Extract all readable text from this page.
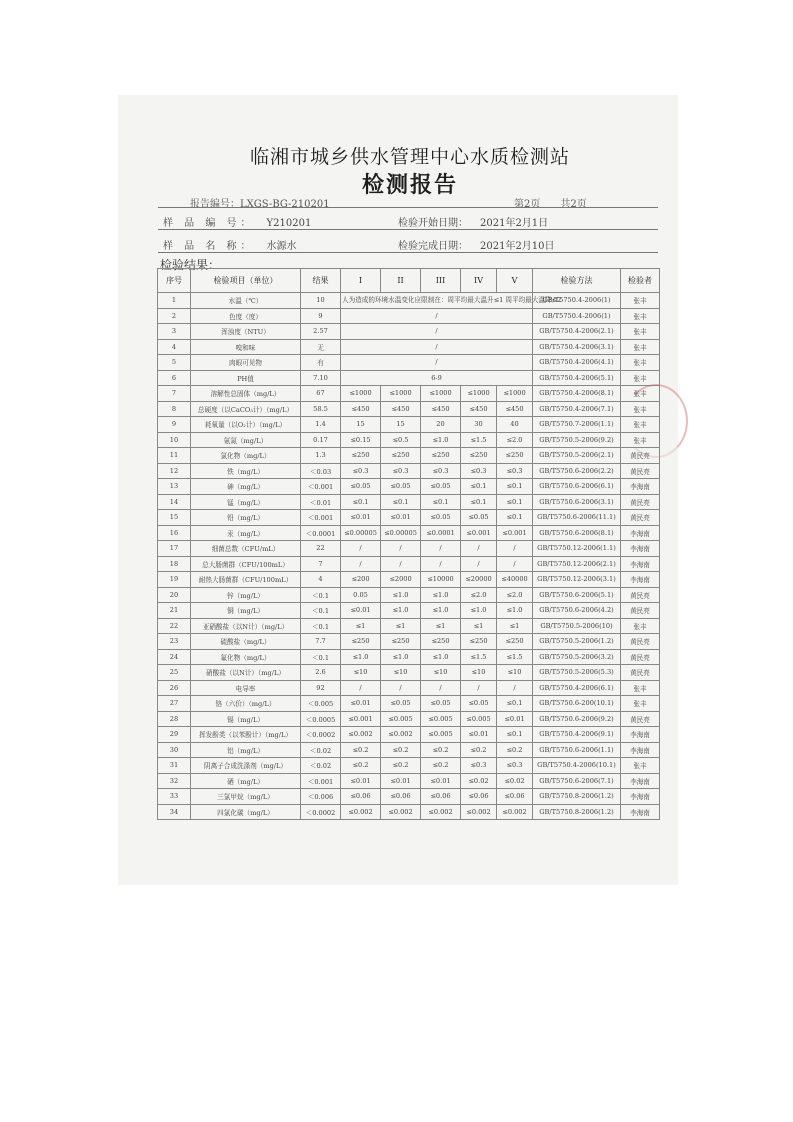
临湘市城乡供水管理中心水质检测站
检测报告
报告编号：LXGS-BG-210201	第2页　　共2页
样 品 编 号： Y210201	检验开始日期： 2021年2月1日
样 品 名 称： 水源水	检验完成日期： 2021年2月10日
检验结果：
序号	检验项目（单位）	结果	I	II	III	IV	V	检验方法	检验者
1	水温（℃）	10	人为造成的环境水温变化应限制在：周平均最大温升≤1 周平均最大温降≤2					GB/T5750.4-2006(1)	张丰
2	色度（度）	9	/					GB/T5750.4-2006(1)	张丰
3	浑浊度（NTU）	2.57	/					GB/T5750.4-2006(2.1)	张丰
4	嗅和味	无	/					GB/T5750.4-2006(3.1)	张丰
5	肉眼可见物	有	/					GB/T5750.4-2006(4.1)	张丰
6	PH值	7.10	6-9					GB/T5750.4-2006(5.1)	张丰
7	溶解性总固体（mg/L）	67	≤1000	≤1000	≤1000	≤1000	≤1000	GB/T5750.4-2006(8.1)	张丰
8	总硬度（以CaCO₃计）（mg/L）	58.5	≤450	≤450	≤450	≤450	≤450	GB/T5750.4-2006(7.1)	张丰
9	耗氧量（以O₂计）（mg/L）	1.4	15	15	20	30	40	GB/T5750.7-2006(1.1)	张丰
10	氨氮（mg/L）	0.17	≤0.15	≤0.5	≤1.0	≤1.5	≤2.0	GB/T5750.5-2006(9.2)	张丰
11	氯化物（mg/L）	1.3	≤250	≤250	≤250	≤250	≤250	GB/T5750.5-2006(2.1)	黄民亮
12	铁（mg/L）	＜0.03	≤0.3	≤0.3	≤0.3	≤0.3	≤0.3	GB/T5750.6-2006(2.2)	黄民亮
13	砷（mg/L）	＜0.001	≤0.05	≤0.05	≤0.05	≤0.1	≤0.1	GB/T5750.6-2006(6.1)	李海南
14	锰（mg/L）	＜0.01	≤0.1	≤0.1	≤0.1	≤0.1	≤0.1	GB/T5750.6-2006(3.1)	黄民亮
15	铅（mg/L）	＜0.001	≤0.01	≤0.01	≤0.05	≤0.05	≤0.1	GB/T5750.6-2006(11.1)	黄民亮
16	汞（mg/L）	＜0.0001	≤0.00005	≤0.00005	≤0.0001	≤0.001	≤0.001	GB/T5750.6-2006(8.1)	李海南
17	细菌总数（CFU/mL）	22	/	/	/	/	/	GB/T5750.12-2006(1.1)	李海南
18	总大肠菌群（CFU/100mL）	7	/	/	/	/	/	GB/T5750.12-2006(2.1)	李海南
19	耐热大肠菌群（CFU/100mL）	4	≤200	≤2000	≤10000	≤20000	≤40000	GB/T5750.12-2006(3.1)	李海南
20	锌（mg/L）	＜0.1	0.05	≤1.0	≤1.0	≤2.0	≤2.0	GB/T5750.6-2006(5.1)	黄民亮
21	铜（mg/L）	＜0.1	≤0.01	≤1.0	≤1.0	≤1.0	≤1.0	GB/T5750.6-2006(4.2)	黄民亮
22	亚硝酸盐（以N计）（mg/L）	＜0.1	≤1	≤1	≤1	≤1	≤1	GB/T5750.5-2006(10)	张丰
23	硫酸盐（mg/L）	7.7	≤250	≤250	≤250	≤250	≤250	GB/T5750.5-2006(1.2)	黄民亮
24	氟化物（mg/L）	＜0.1	≤1.0	≤1.0	≤1.0	≤1.5	≤1.5	GB/T5750.5-2006(3.2)	黄民亮
25	硝酸盐（以N计）（mg/L）	2.6	≤10	≤10	≤10	≤10	≤10	GB/T5750.5-2006(5.3)	黄民亮
26	电导率	92	/	/	/	/	/	GB/T5750.4-2006(6.1)	张丰
27	铬（六价）（mg/L）	＜0.005	≤0.01	≤0.05	≤0.05	≤0.05	≤0.1	GB/T5750.6-200(10.1)	张丰
28	镉（mg/L）	＜0.0005	≤0.001	≤0.005	≤0.005	≤0.005	≤0.01	GB/T5750.6-2006(9.2)	黄民亮
29	挥发酚类（以苯酚计）（mg/L）	＜0.0002	≤0.002	≤0.002	≤0.005	≤0.01	≤0.1	GB/T5750.4-2006(9.1)	李海南
30	铝（mg/L）	＜0.02	≤0.2	≤0.2	≤0.2	≤0.2	≤0.2	GB/T5750.6-2006(1.1)	李海南
31	阴离子合成洗涤剂（mg/L）	＜0.02	≤0.2	≤0.2	≤0.2	≤0.3	≤0.3	GB/T5750.4-2006(10.1)	张丰
32	硒（mg/L）	＜0.001	≤0.01	≤0.01	≤0.01	≤0.02	≤0.02	GB/T5750.6-2006(7.1)	李海南
33	三氯甲烷（mg/L）	＜0.006	≤0.06	≤0.06	≤0.06	≤0.06	≤0.06	GB/T5750.8-2006(1.2)	李海南
34	四氯化碳（mg/L）	＜0.0002	≤0.002	≤0.002	≤0.002	≤0.002	≤0.002	GB/T5750.8-2006(1.2)	李海南
